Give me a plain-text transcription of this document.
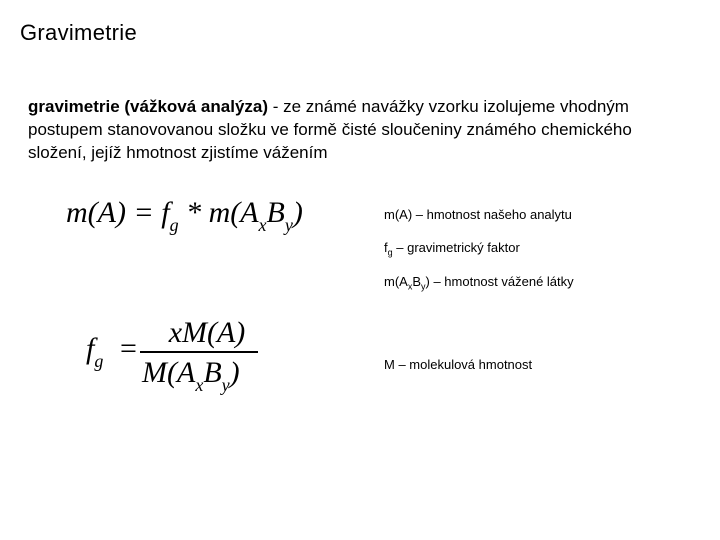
Gravimetrie
gravimetrie (vážková analýza) - ze známé navážky vzorku izolujeme vhodným postupem stanovovanou složku ve formě čisté sloučeniny známého chemického složení, jejíž hmotnost zjistíme vážením
$m(A) = f_g * m(A_xB_y)$
$f_g$ =	xM(A)
$M(A_xB_y)$
m(A) – hmotnost našeho analytu
$f_g$ – gravimetrický faktor
$m(A_xB_y)$ – hmotnost vážené látky
M – molekulová hmotnost
